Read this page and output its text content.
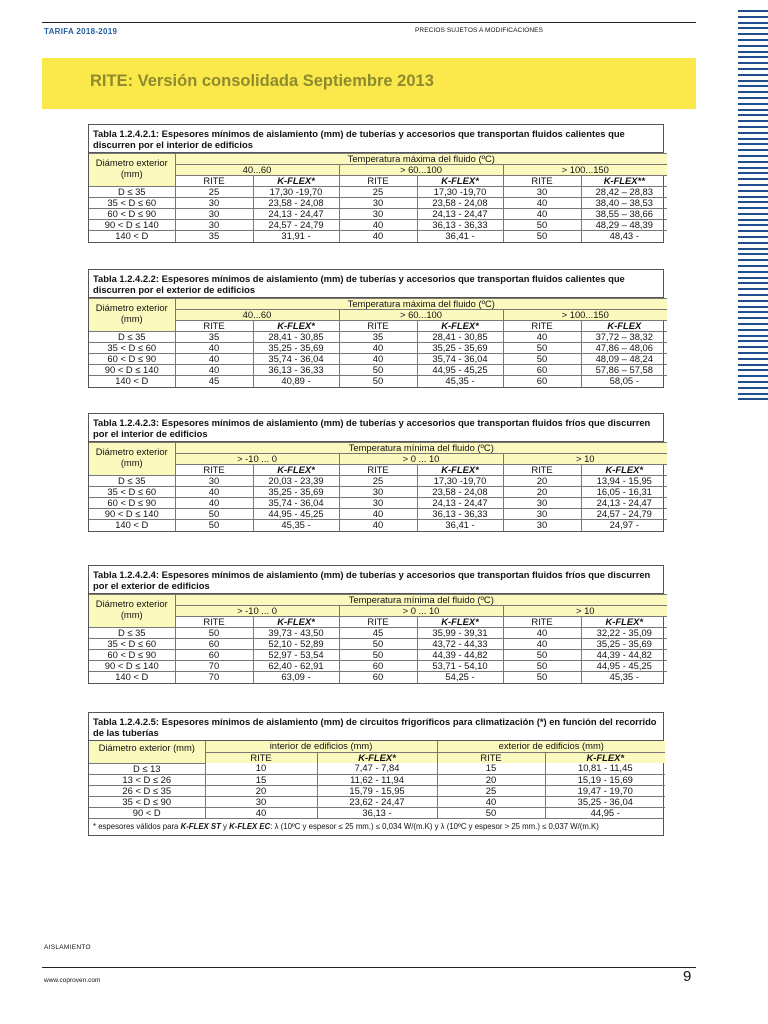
TARIFA 2018-2019	PRECIOS SUJETOS A MODIFICACIONES
RITE: Versión consolidada Septiembre 2013
Tabla 1.2.4.2.1: Espesores mínimos de aislamiento (mm) de tuberías y accesorios que transportan fluidos calientes que discurren por el interior de edificios
Diámetro exterior (mm)	Temperatura máxima del fluido (ºC)					
	40...60		> 60...100		> 100...150	
	RITE	K-FLEX*	RITE	K-FLEX*	RITE	K-FLEX**
D ≤ 35	25	17,30 -19,70	25	17,30 -19,70	30	28,42 – 28,83
35 < D ≤ 60	30	23,58 - 24,08	30	23,58 - 24,08	40	38,40 – 38,53
60 < D ≤ 90	30	24,13 - 24,47	30	24,13 - 24,47	40	38,55 – 38,66
90 < D ≤ 140	30	24,57 - 24,79	40	36,13 - 36,33	50	48,29 – 48,39
140 < D	35	31,91 -	40	36,41 -	50	48,43 -
Tabla 1.2.4.2.2: Espesores mínimos de aislamiento (mm) de tuberías y accesorios que transportan fluidos calientes que discurren por el exterior de edificios
Diámetro exterior (mm)	Temperatura máxima del fluido (ºC)					
	40...60		> 60...100		> 100...150	
	RITE	K-FLEX*	RITE	K-FLEX*	RITE	K-FLEX
D ≤ 35	35	28,41 - 30,85	35	28,41 - 30,85	40	37,72 – 38,32
35 < D ≤ 60	40	35,25 - 35,69	40	35,25 - 35,69	50	47,86 – 48,06
60 < D ≤ 90	40	35,74 - 36,04	40	35,74 - 36,04	50	48,09 – 48,24
90 < D ≤ 140	40	36,13 - 36,33	50	44,95 - 45,25	60	57,86 – 57,58
140 < D	45	40,89 -	50	45,35 -	60	58,05 -
Tabla 1.2.4.2.3: Espesores mínimos de aislamiento (mm) de tuberías y accesorios que transportan fluidos fríos que discurren por el interior de edificios
Diámetro exterior (mm)	Temperatura mínima del fluido (ºC)					
	> -10 ... 0		> 0 ... 10		> 10	
	RITE	K-FLEX*	RITE	K-FLEX*	RITE	K-FLEX*
D ≤ 35	30	20,03 - 23,39	25	17,30 -19,70	20	13,94 - 15,95
35 < D ≤ 60	40	35,25 - 35,69	30	23,58 - 24,08	20	16,05 - 16,31
60 < D ≤ 90	40	35,74 - 36,04	30	24,13 - 24,47	30	24,13 - 24,47
90 < D ≤ 140	50	44,95 - 45,25	40	36,13 - 36,33	30	24,57 - 24,79
140 < D	50	45,35 -	40	36,41 -	30	24,97 -
Tabla 1.2.4.2.4: Espesores mínimos de aislamiento (mm) de tuberías y accesorios que transportan fluidos fríos que discurren por el exterior de edificios
Diámetro exterior (mm)	Temperatura mínima del fluido (ºC)					
	> -10 ... 0		> 0 ... 10		> 10	
	RITE	K-FLEX*	RITE	K-FLEX*	RITE	K-FLEX*
D ≤ 35	50	39,73 - 43,50	45	35,99 - 39,31	40	32,22 - 35,09
35 < D ≤ 60	60	52,10 - 52,89	50	43,72 - 44,33	40	35,25 - 35,69
60 < D ≤ 90	60	52,97 - 53,54	50	44,39 - 44,82	50	44,39 - 44,82
90 < D ≤ 140	70	62,40 - 62,91	60	53,71 - 54,10	50	44,95 - 45,25
140 < D	70	63,09 -	60	54,25 -	50	45,35 -
Tabla 1.2.4.2.5: Espesores mínimos de aislamiento (mm) de circuitos frigoríficos para climatización (*) en función del recorrido de las tuberías
Diámetro exterior (mm)	interior de edificios (mm)		exterior de edificios (mm)	
	RITE	K-FLEX*	RITE	K-FLEX*
D ≤ 13	10	7,47 - 7,84	15	10,81 - 11,45
13 < D ≤ 26	15	11,62 - 11,94	20	15,19 - 15,69
26 < D ≤ 35	20	15,79 - 15,95	25	19,47 - 19,70
35 < D ≤ 90	30	23,62 - 24,47	40	35,25 - 36,04
90 < D	40	36,13 -	50	44,95 -
* espesores válidos para K-FLEX ST y K-FLEX EC: λ (10ºC y espesor ≤ 25 mm.) ≤ 0,034 W/(m.K) y λ (10ºC y espesor > 25 mm.) ≤ 0,037 W/(m.K)
AISLAMIENTO
www.coproven.com	9
